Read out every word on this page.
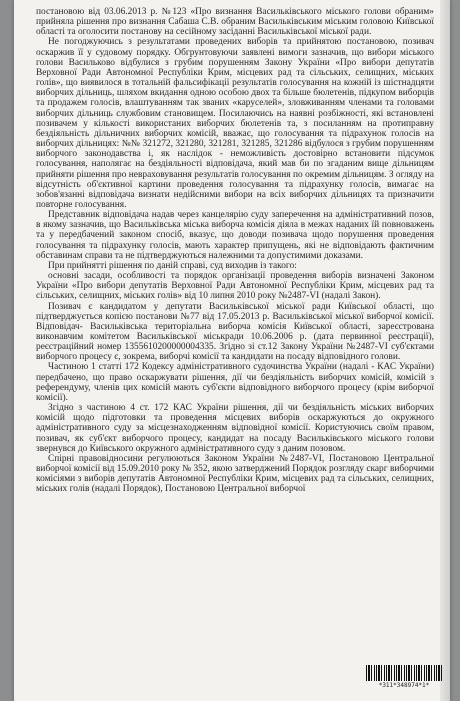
постановою від 03.06.2013 р. №123 «Про визнання Васильківського міського голови обраним» прийняла рішення про визнання Сабаша С.В. обраним Васильківським міським головою Київської області та оголосити постанову на сесійному засіданні Васильківської міської ради.

Не погоджуючись з результатами проведених виборів та прийнятою постановою, позивач оскаржив її у судовому порядку. Обгрунтовуючи заявлені вимоги зазначив, що вибори міського голови Васильково відбулися з грубим порушенням Закону України «Про вибори депутатів Верховної Ради Автономної Республіки Крим, місцевих рад та сільських, селищних, міських голів», що виявилося в тотальній фальсифікації результатів голосування на кожній із шістнадцяти виборчих дільниць, шляхом вкидання одною особою двох та більше бюлетенів, підкупом виборців та продажем голосів, влаштуванням так званих «каруселей», зловживанням членами та головами виборчих дільниць службовим становищем. Посилаючись на наявні розбіжності, які встановлені позивачем у кількості використаних виборчих бюлетенів та, з посиланням на протиправну бездіяльність дільничних виборчих комісій, вважає, що голосування та підрахунок голосів на виборчих дільницях: №№ 321272, 321280, 321281, 321285, 321286 відбулося з грубим порушенням виборчого законодавства і, як наслідок - неможливість достовірно встановити підсумок голосування, наполягає на бездіяльності відповідача, який мав би по згаданим вище дільницям прийняти рішення про невраховування результатів голосування по окремим дільницям. З огляду на відсутність об'єктивної картини проведення голосування та підрахунку голосів, вимагає на зобов'язанні відповідача визнати недійсними вибори на всіх виборчих дільницях та призначити повторне голосування.

Представник відповідача надав через канцелярію суду заперечення на адміністративний позов, в якому зазначив, що Васильківська міська виборча комісія діяла в межах наданих їй повноважень та у передбачений законом спосіб, вказує, що доводи позивача щодо порушення проведення голосування та підрахунку голосів, мають характер припущень, які не відповідають фактичним обставинам справи та не підтверджуються належними та допустимими доказами.

При прийнятті рішення по даній справі, суд виходив із такого:

основні засади, особливості та порядок організації проведення виборів визначені Законом України «Про вибори депутатів Верховної Ради Автономної Республіки Крим, місцевих рад та сільських, селищних, міських голів» від 10 липня 2010 року №2487-VI (надалі Закон).

Позивач є кандидатом у депутати Васильківської міської ради Київської області, що підтверджується копією постанови №77 від 17.05.2013 р. Васильківської міської виборчої комісії. Відповідач- Васильківська територіальна виборча комісія Київської області, зареєстрована виконавчим комітетом Васильківської міськради 10.06.2006 р. (дата первинної реєстрації), реєстраційний номер 1355610200000004335. Згідно зі ст.12 Закону України №2487-VI суб'єктами виборчого процесу є, зокрема, виборчі комісії та кандидати на посаду відповідного голови.

Частиною 1 статті 172 Кодексу адміністративного судочинства України (надалі - КАС України) передбачено, що право оскаржувати рішення, дії чи бездіяльність виборчих комісій, комісій з референдуму, членів цих комісій мають суб'єкти відповідного виборчого процесу (крім виборчої комісії).

Згідно з частиною 4 ст. 172 КАС України рішення, дії чи бездіяльність міських виборчих комісій щодо підготовки та проведення місцевих виборів оскаржуються до окружного адміністративного суду за місцезнаходженням відповідної комісії. Користуючись своїм правом, позивач, як суб'єкт виборчого процесу, кандидат на посаду Васильківського міського голови звернувся до Київського окружного адміністративного суду з даним позовом.

Спірні правовідносини регулюються Законом України №2487-VI, Постановою Центральної виборчої комісії від 15.09.2010 року № 352, якою затверджений Порядок розгляду скарг виборчими комісіями з виборів депутатів Автономної Республіки Крим, місцевих рад та сільських, селищних, міських голів (надалі Порядок), Постановою Центральної виборчої

*311*348974*1*
